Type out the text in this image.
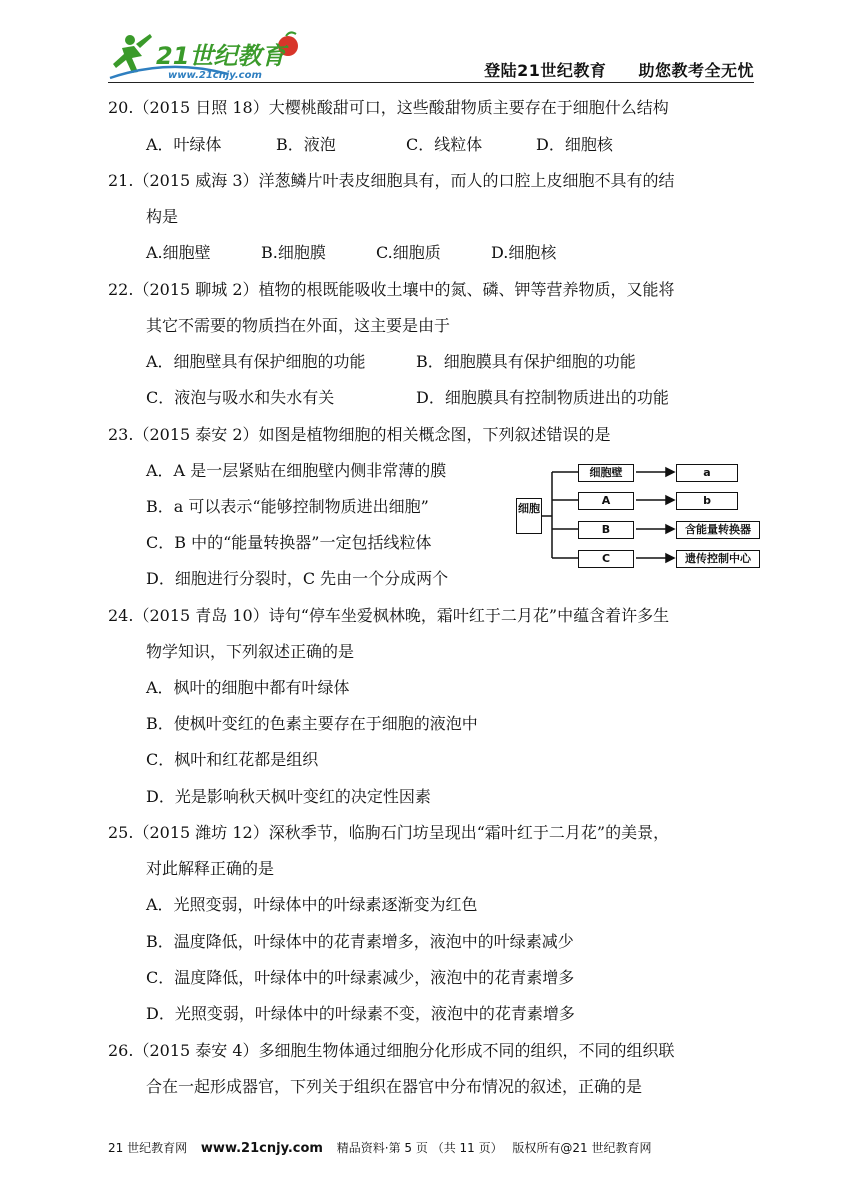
21世纪教育
www.21cnjy.com	登陆21世纪教育 助您教考全无忧
20.（2015 日照 18）大樱桃酸甜可口，这些酸甜物质主要存在于细胞什么结构
A．叶绿体	B．液泡	C．线粒体	D．细胞核
21.（2015 威海 3）洋葱鳞片叶表皮细胞具有，而人的口腔上皮细胞不具有的结
构是
A.细胞壁	B.细胞膜	C.细胞质	D.细胞核
22.（2015 聊城 2）植物的根既能吸收土壤中的氮、磷、钾等营养物质，又能将
其它不需要的物质挡在外面，这主要是由于
A．细胞壁具有保护细胞的功能	B．细胞膜具有保护细胞的功能
C．液泡与吸水和失水有关	D．细胞膜具有控制物质进出的功能
23.（2015 泰安 2）如图是植物细胞的相关概念图，下列叙述错误的是
A．A 是一层紧贴在细胞壁内侧非常薄的膜
B．a 可以表示“能够控制物质进出细胞”
C．B 中的“能量转换器”一定包括线粒体
D．细胞进行分裂时，C 先由一个分成两个
细胞
细胞壁
A
B
C
a
b
含能量转换器
遗传控制中心
24.（2015 青岛 10）诗句“停车坐爱枫林晚，霜叶红于二月花”中蕴含着许多生
物学知识，下列叙述正确的是
A．枫叶的细胞中都有叶绿体
B．使枫叶变红的色素主要存在于细胞的液泡中
C．枫叶和红花都是组织
D．光是影响秋天枫叶变红的决定性因素
25.（2015 潍坊 12）深秋季节，临朐石门坊呈现出“霜叶红于二月花”的美景，
对此解释正确的是
A．光照变弱，叶绿体中的叶绿素逐渐变为红色
B．温度降低，叶绿体中的花青素增多，液泡中的叶绿素减少
C．温度降低，叶绿体中的叶绿素减少，液泡中的花青素增多
D．光照变弱，叶绿体中的叶绿素不变，液泡中的花青素增多
26.（2015 泰安 4）多细胞生物体通过细胞分化形成不同的组织，不同的组织联
合在一起形成器官，下列关于组织在器官中分布情况的叙述，正确的是
21 世纪教育网 www.21cnjy.com 精品资料·第 5 页 （共 11 页） 版权所有@21 世纪教育网
